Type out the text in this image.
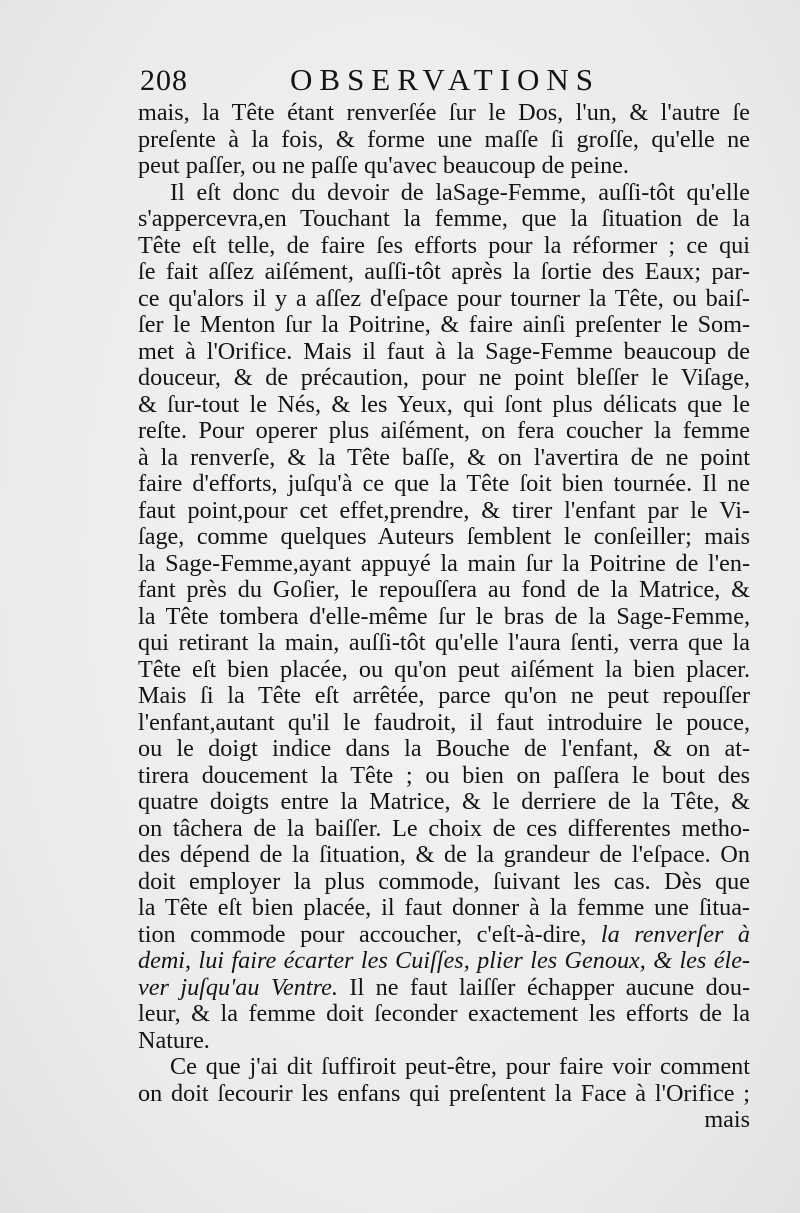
208	OBSERVATIONS
mais, la Tête étant renverſée ſur le Dos, l'un, & l'autre ſe
preſente à la fois, & forme une maſſe ſi groſſe, qu'elle ne
peut paſſer, ou ne paſſe qu'avec beaucoup de peine.
Il eſt donc du devoir de laSage-Femme, auſſi-tôt qu'elle
s'appercevra,en Touchant la femme, que la ſituation de la
Tête eſt telle, de faire ſes efforts pour la réformer ; ce qui
ſe fait aſſez aiſément, auſſi-tôt après la ſortie des Eaux; par-
ce qu'alors il y a aſſez d'eſpace pour tourner la Tête, ou baiſ-
ſer le Menton ſur la Poitrine, & faire ainſi preſenter le Som-
met à l'Orifice. Mais il faut à la Sage-Femme beaucoup de
douceur, & de précaution, pour ne point bleſſer le Viſage,
& ſur-tout le Nés, & les Yeux, qui ſont plus délicats que le
reſte. Pour operer plus aiſément, on fera coucher la femme
à la renverſe, & la Tête baſſe, & on l'avertira de ne point
faire d'efforts, juſqu'à ce que la Tête ſoit bien tournée. Il ne
faut point,pour cet effet,prendre, & tirer l'enfant par le Vi-
ſage, comme quelques Auteurs ſemblent le conſeiller; mais
la Sage-Femme,ayant appuyé la main ſur la Poitrine de l'en-
fant près du Goſier, le repouſſera au fond de la Matrice, &
la Tête tombera d'elle-même ſur le bras de la Sage-Femme,
qui retirant la main, auſſi-tôt qu'elle l'aura ſenti, verra que la
Tête eſt bien placée, ou qu'on peut aiſément la bien placer.
Mais ſi la Tête eſt arrêtée, parce qu'on ne peut repouſſer
l'enfant,autant qu'il le faudroit, il faut introduire le pouce,
ou le doigt indice dans la Bouche de l'enfant, & on at-
tirera doucement la Tête ; ou bien on paſſera le bout des
quatre doigts entre la Matrice, & le derriere de la Tête, &
on tâchera de la baiſſer. Le choix de ces differentes metho-
des dépend de la ſituation, & de la grandeur de l'eſpace. On
doit employer la plus commode, ſuivant les cas. Dès que
la Tête eſt bien placée, il faut donner à la femme une ſitua-
tion commode pour accoucher, c'eſt-à-dire, la renverſer à
demi, lui faire écarter les Cuiſſes, plier les Genoux, & les éle-
ver juſqu'au Ventre. Il ne faut laiſſer échapper aucune dou-
leur, & la femme doit ſeconder exactement les efforts de la
Nature.
Ce que j'ai dit ſuffiroit peut-être, pour faire voir comment
on doit ſecourir les enfans qui preſentent la Face à l'Orifice ;
mais
